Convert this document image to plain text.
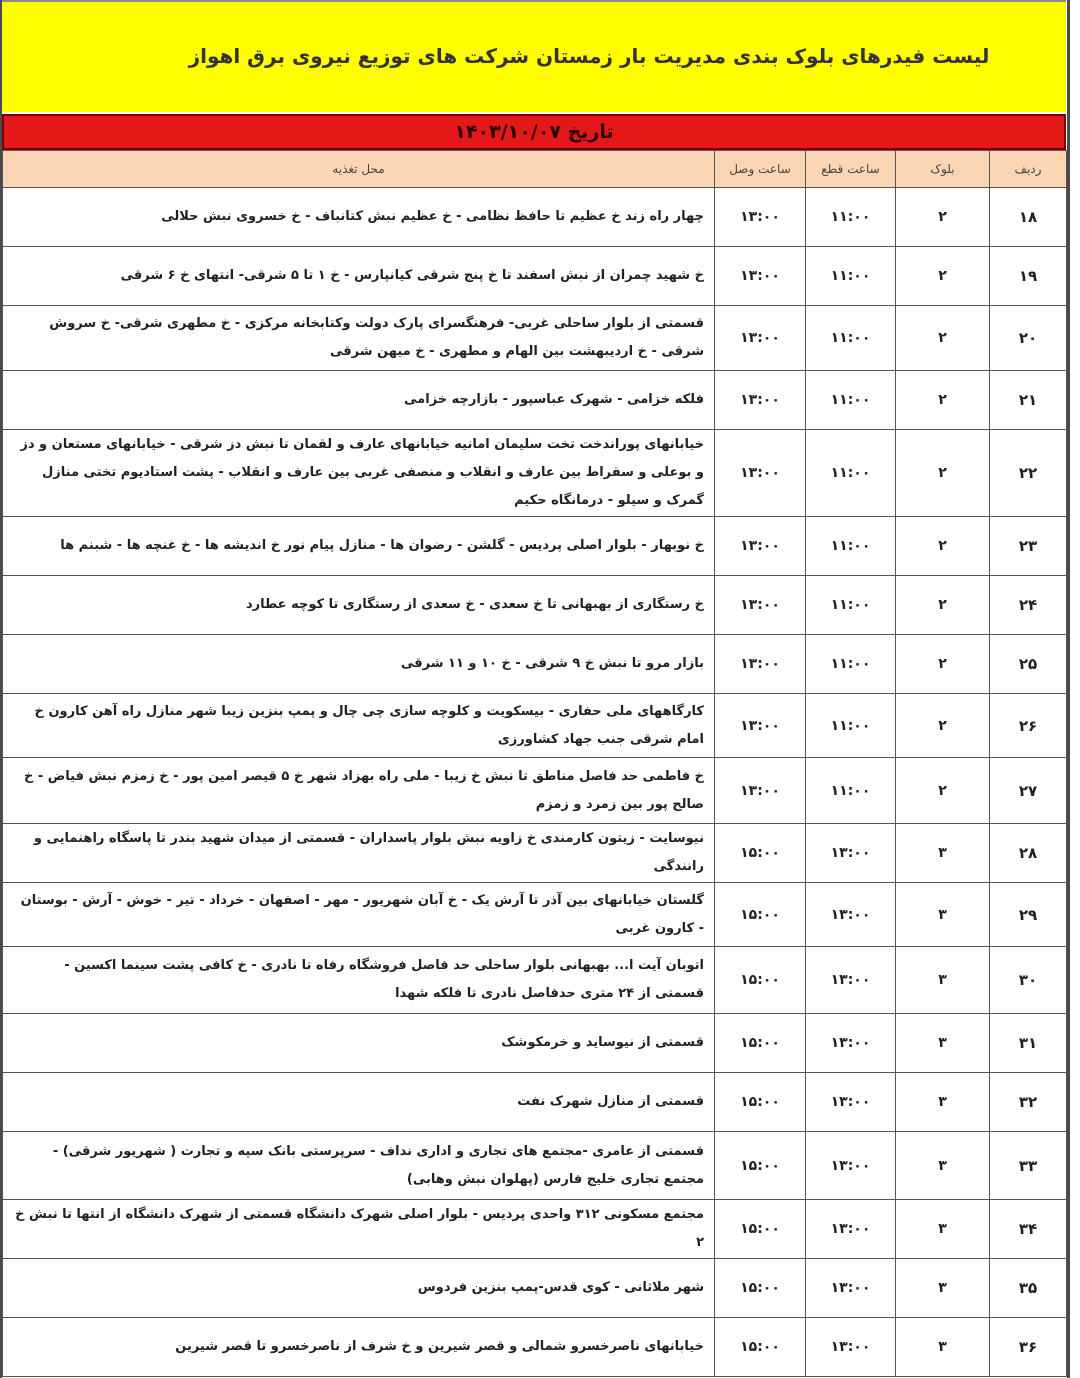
لیست فیدرهای بلوک بندی مدیریت بار زمستان شرکت های توزیع نیروی برق اهواز
تاریخ ۱۴۰۳/۱۰/۰۷
ردیف	بلوک	ساعت قطع	ساعت وصل	محل تغذیه
۱۸	۲	۱۱:۰۰	۱۳:۰۰	چهار راه زند خ عظیم تا حافظ نظامی - خ عظیم نبش کتانباف - خ خسروی نبش حلالی
۱۹	۲	۱۱:۰۰	۱۳:۰۰	خ شهید چمران از نبش اسفند تا خ پنج شرقی کیانپارس - خ ۱ تا ۵ شرقی- انتهای خ ۶ شرقی
۲۰	۲	۱۱:۰۰	۱۳:۰۰	قسمتی از بلوار ساحلی غربی- فرهنگسرای پارک دولت وکتابخانه مرکزی - خ مطهری شرقی- خ سروش شرقی - خ اردیبهشت بین الهام و مطهری - خ میهن شرقی
۲۱	۲	۱۱:۰۰	۱۳:۰۰	فلکه خزامی - شهرک عباسپور - بازارچه خزامی
۲۲	۲	۱۱:۰۰	۱۳:۰۰	خیابانهای پوراندخت تخت سلیمان امانیه خیابانهای عارف و لقمان تا نبش دز شرقی - خیابانهای مستعان و دز و بوعلی و سقراط بین عارف و انقلاب و منصفی غربی بین عارف و انقلاب - پشت استادیوم تختی منازل گمرک و سیلو - درمانگاه حکیم
۲۳	۲	۱۱:۰۰	۱۳:۰۰	خ نوبهار - بلوار اصلی پردیس - گلشن - رضوان ها - منازل پیام نور خ اندیشه ها - خ غنچه ها - شبنم ها
۲۴	۲	۱۱:۰۰	۱۳:۰۰	خ رستگاری از بهبهانی تا خ سعدی - خ سعدی از رستگاری تا کوچه عطارد
۲۵	۲	۱۱:۰۰	۱۳:۰۰	بازار مرو تا نبش خ ۹ شرقی - خ ۱۰ و ۱۱ شرقی
۲۶	۲	۱۱:۰۰	۱۳:۰۰	کارگاههای ملی حفاری - بیسکویت و کلوچه سازی چی چال و پمپ بنزین زیبا شهر منازل راه آهن کارون خ امام شرقی جنب جهاد کشاورزی
۲۷	۲	۱۱:۰۰	۱۳:۰۰	خ فاطمی حد فاصل مناطق تا نبش خ زیبا - ملی راه بهزاد شهر خ ۵ قیصر امین پور - خ زمزم نبش فیاض - خ صالح پور بین زمرد و زمزم
۲۸	۳	۱۳:۰۰	۱۵:۰۰	نیوسایت - زیتون کارمندی خ زاویه نبش بلوار پاسداران - قسمتی از میدان شهید بندر تا پاسگاه راهنمایی و رانندگی
۲۹	۳	۱۳:۰۰	۱۵:۰۰	گلستان خیابانهای بین آذر تا آرش یک - خ آبان شهریور - مهر - اصفهان - خرداد - تیر - خوش - آرش - بوستان - کارون غربی
۳۰	۳	۱۳:۰۰	۱۵:۰۰	اتوبان آیت ا... بهبهانی بلوار ساحلی حد فاصل فروشگاه رفاه تا نادری - خ کافی پشت سینما اکسین - قسمتی از ۲۴ متری حدفاصل نادری تا فلکه شهدا
۳۱	۳	۱۳:۰۰	۱۵:۰۰	قسمتی از نیوساید و خرمکوشک
۳۲	۳	۱۳:۰۰	۱۵:۰۰	قسمتی از منازل شهرک نفت
۳۳	۳	۱۳:۰۰	۱۵:۰۰	قسمتی از عامری -مجتمع های تجاری و اداری نداف - سرپرستی بانک سپه و تجارت ( شهریور شرقی) - مجتمع تجاری خلیج فارس (پهلوان نبش وهابی)
۳۴	۳	۱۳:۰۰	۱۵:۰۰	مجتمع مسکونی ۳۱۲ واحدی پردیس - بلوار اصلی شهرک دانشگاه قسمتی از شهرک دانشگاه از انتها تا نبش خ ۲
۳۵	۳	۱۳:۰۰	۱۵:۰۰	شهر ملاثانی - کوی قدس-پمپ بنزین فردوس
۳۶	۳	۱۳:۰۰	۱۵:۰۰	خیابانهای ناصرخسرو شمالی و قصر شیرین و خ شرف از ناصرخسرو تا قصر شیرین
